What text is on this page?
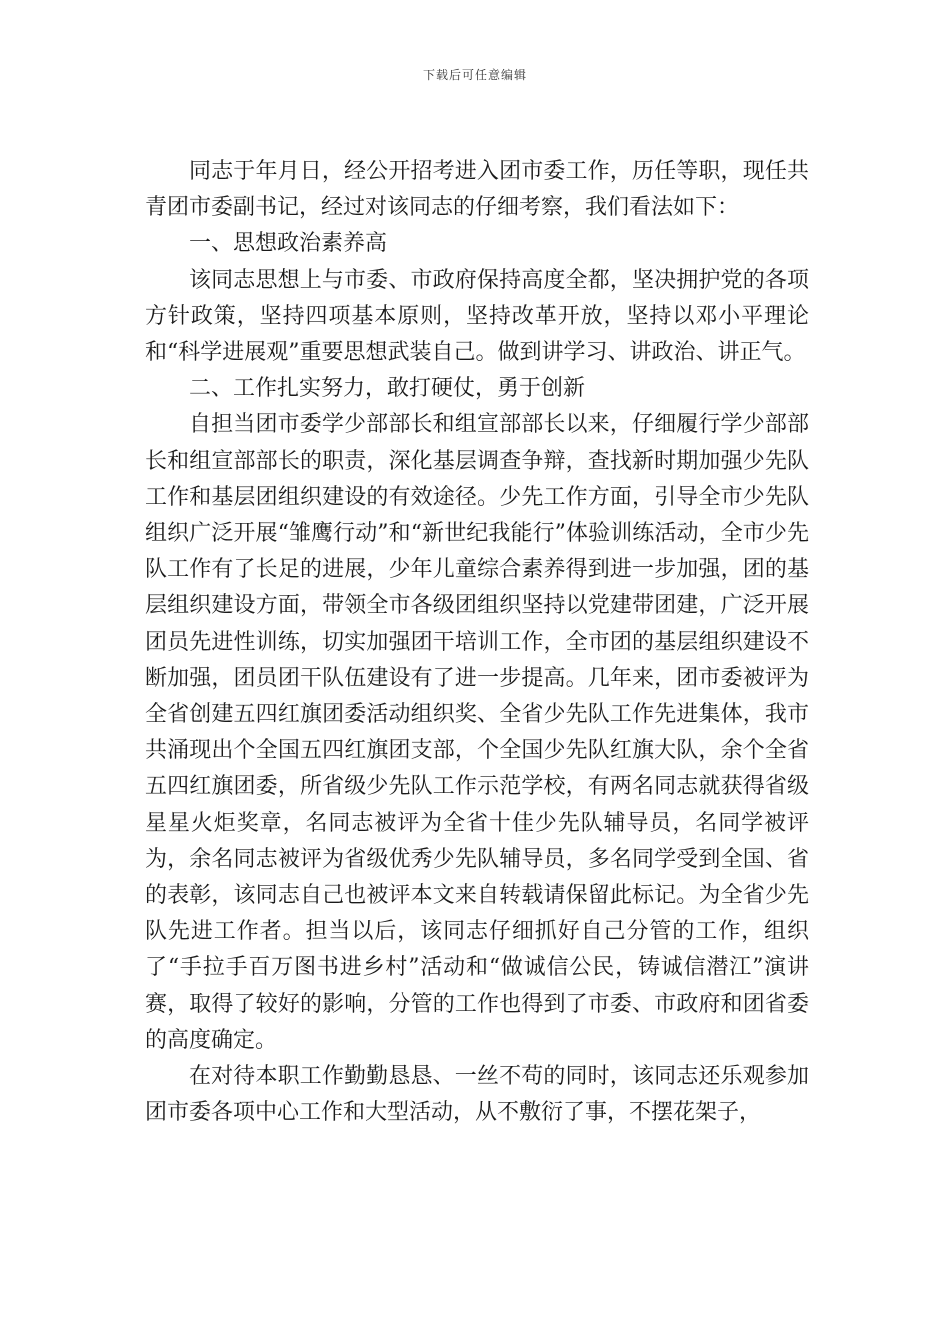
下载后可任意编辑

同志于年月日，经公开招考进入团市委工作，历任等职，现任共青团市委副书记，经过对该同志的仔细考察，我们看法如下：

一、思想政治素养高

该同志思想上与市委、市政府保持高度全都，坚决拥护党的各项方针政策，坚持四项基本原则，坚持改革开放，坚持以邓小平理论和“科学进展观”重要思想武装自己。做到讲学习、讲政治、讲正气。

二、工作扎实努力，敢打硬仗，勇于创新

自担当团市委学少部部长和组宣部部长以来，仔细履行学少部部长和组宣部部长的职责，深化基层调查争辩，查找新时期加强少先队工作和基层团组织建设的有效途径。少先工作方面，引导全市少先队组织广泛开展“雏鹰行动”和“新世纪我能行”体验训练活动，全市少先队工作有了长足的进展，少年儿童综合素养得到进一步加强，团的基层组织建设方面，带领全市各级团组织坚持以党建带团建，广泛开展团员先进性训练，切实加强团干培训工作，全市团的基层组织建设不断加强，团员团干队伍建设有了进一步提高。几年来，团市委被评为全省创建五四红旗团委活动组织奖、全省少先队工作先进集体，我市共涌现出个全国五四红旗团支部，个全国少先队红旗大队，余个全省五四红旗团委，所省级少先队工作示范学校，有两名同志就获得省级星星火炬奖章，名同志被评为全省十佳少先队辅导员，名同学被评为，余名同志被评为省级优秀少先队辅导员，多名同学受到全国、省的表彰，该同志自己也被评本文来自转载请保留此标记。为全省少先队先进工作者。担当以后，该同志仔细抓好自己分管的工作，组织了“手拉手百万图书进乡村”活动和“做诚信公民，铸诚信潜江”演讲赛，取得了较好的影响，分管的工作也得到了市委、市政府和团省委的高度确定。

在对待本职工作勤勤恳恳、一丝不苟的同时，该同志还乐观参加团市委各项中心工作和大型活动，从不敷衍了事，不摆花架子，
